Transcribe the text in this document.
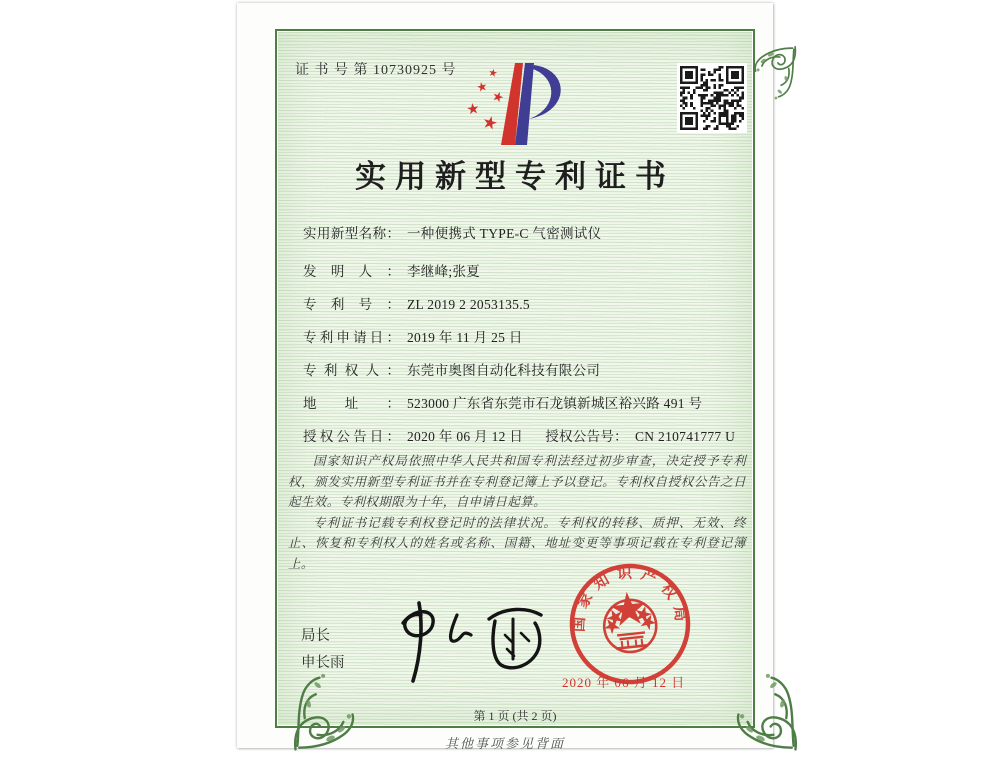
证 书 号 第 10730925 号
实用新型专利证书
实用新型名称： 一种便携式 TYPE-C 气密测试仪
发明人： 李继峰;张夏
专利号： ZL 2019 2 2053135.5
专利申请日： 2019 年 11 月 25 日
专利权人： 东莞市奥图自动化科技有限公司
地址： 523000 广东省东莞市石龙镇新城区裕兴路 491 号
授权公告日： 2020 年 06 月 12 日 授权公告号： CN 210741777 U

国家知识产权局依照中华人民共和国专利法经过初步审查，决定授予专利权，颁发实用新型专利证书并在专利登记簿上予以登记。专利权自授权公告之日起生效。专利权期限为十年，自申请日起算。

专利证书记载专利权登记时的法律状况。专利权的转移、质押、无效、终止、恢复和专利权人的姓名或名称、国籍、地址变更等事项记载在专利登记簿上。

局长
申长雨
国家知识产权局
2020 年 06 月 12 日
第 1 页 (共 2 页)
其他事项参见背面
